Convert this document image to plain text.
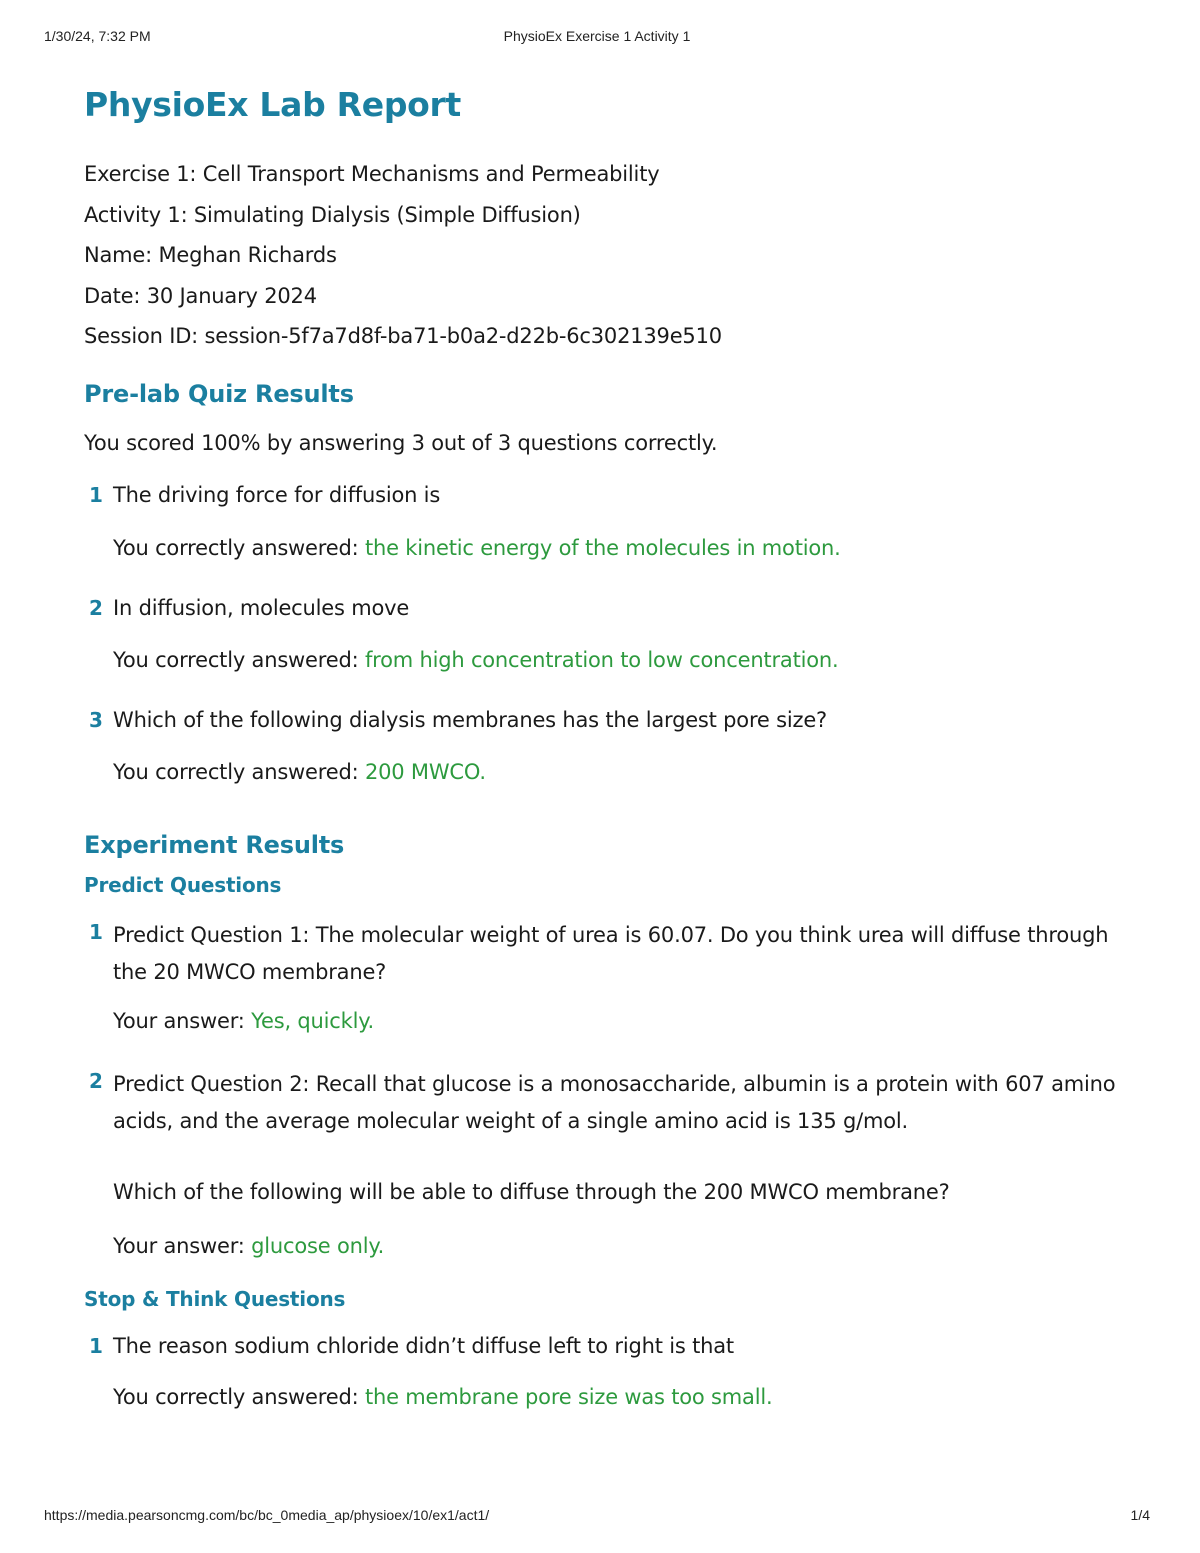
1/30/24, 7:32 PM	PhysioEx Exercise 1 Activity 1
PhysioEx Lab Report
Exercise 1: Cell Transport Mechanisms and Permeability
Activity 1: Simulating Dialysis (Simple Diffusion)
Name: Meghan Richards
Date: 30 January 2024
Session ID: session-5f7a7d8f-ba71-b0a2-d22b-6c302139e510
Pre-lab Quiz Results
You scored 100% by answering 3 out of 3 questions correctly.
1 The driving force for diffusion is
You correctly answered: the kinetic energy of the molecules in motion.
2 In diffusion, molecules move
You correctly answered: from high concentration to low concentration.
3 Which of the following dialysis membranes has the largest pore size?
You correctly answered: 200 MWCO.
Experiment Results
Predict Questions
1 Predict Question 1: The molecular weight of urea is 60.07. Do you think urea will diffuse through the 20 MWCO membrane?
Your answer: Yes, quickly.
2 Predict Question 2: Recall that glucose is a monosaccharide, albumin is a protein with 607 amino acids, and the average molecular weight of a single amino acid is 135 g/mol.
Which of the following will be able to diffuse through the 200 MWCO membrane?
Your answer: glucose only.
Stop & Think Questions
1 The reason sodium chloride didn’t diffuse left to right is that
You correctly answered: the membrane pore size was too small.
https://media.pearsoncmg.com/bc/bc_0media_ap/physioex/10/ex1/act1/	1/4
